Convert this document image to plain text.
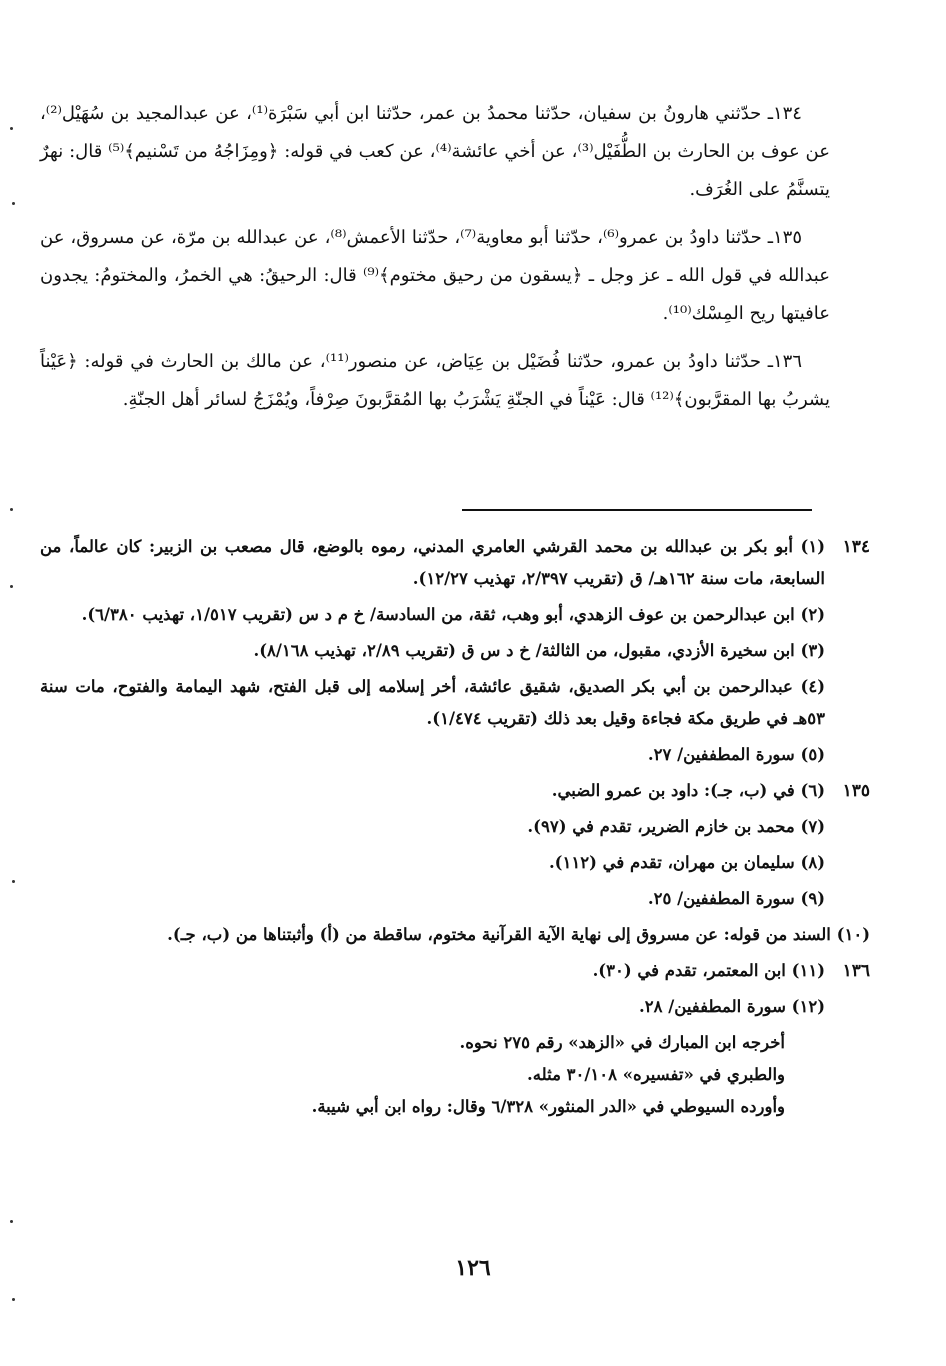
١٣٤ـ حدّثني هارونُ بن سفيان، حدّثنا محمدُ بن عمر، حدّثنا ابن أبي سَبْرَة⁽¹⁾، عن عبدالمجيد بن سُهَيْل⁽²⁾، عن عوف بن الحارث بن الطُّفَيْل⁽³⁾، عن أخي عائشة⁽⁴⁾، عن كعب في قوله: ﴿ومِزَاجُهُ من تَسْنيم﴾⁽⁵⁾ قال: نهرٌ يتسنَّمُ على الغُرَف.

١٣٥ـ حدّثنا داودُ بن عمرو⁽⁶⁾، حدّثنا أبو معاوية⁽⁷⁾، حدّثنا الأعمش⁽⁸⁾، عن عبدالله بن مرّة، عن مسروق، عن عبدالله في قول الله ـ عز وجل ـ ﴿يسقون من رحيق مختوم﴾⁽⁹⁾ قال: الرحيقُ: هي الخمرُ، والمختومُ: يجدون عافيتها ريح المِسْك⁽¹⁰⁾.

١٣٦ـ حدّثنا داودُ بن عمرو، حدّثنا فُضَيْل بن عِيَاض، عن منصور⁽¹¹⁾، عن مالك بن الحارث في قوله: ﴿عَيْناً يشربُ بها المقرَّبون﴾⁽¹²⁾ قال: عَيْناً في الجنّةِ يَشْرَبُ بها المُقرَّبونَ صِرْفاً، ويُمْزَجُ لسائر أهل الجنّةِ.

١٣٤

(١) أبو بكر بن عبدالله بن محمد القرشي العامري المدني، رموه بالوضع، قال مصعب بن الزبير: كان عالماً، من السابعة، مات سنة ١٦٢هـ/ ق (تقريب ٢/٣٩٧، تهذيب ١٢/٢٧).

(٢) ابن عبدالرحمن بن عوف الزهدي، أبو وهب، ثقة، من السادسة/ خ م د س (تقريب ١/٥١٧، تهذيب ٦/٣٨٠).

(٣) ابن سخيرة الأزدي، مقبول، من الثالثة/ خ د س ق (تقريب ٢/٨٩، تهذيب ٨/١٦٨).

(٤) عبدالرحمن بن أبي بكر الصديق، شقيق عائشة، أخر إسلامه إلى قبل الفتح، شهد اليمامة والفتوح، مات سنة ٥٣هـ في طريق مكة فجاءة وقيل بعد ذلك (تقريب ١/٤٧٤).

(٥) سورة المطففين/ ٢٧.

١٣٥

(٦) في (ب، جـ): داود بن عمرو الضبي.

(٧) محمد بن خازم الضرير، تقدم في (٩٧).

(٨) سليمان بن مهران، تقدم في (١١٢).

(٩) سورة المطففين/ ٢٥.

(١٠) السند من قوله: عن مسروق إلى نهاية الآية القرآنية مختوم، ساقطة من (أ) وأثبتناها من (ب، جـ).

١٣٦

(١١) ابن المعتمر، تقدم في (٣٠).

(١٢) سورة المطففين/ ٢٨.

أخرجه ابن المبارك في «الزهد» رقم ٢٧٥ نحوه.
والطبري في «تفسيره» ٣٠/١٠٨ مثله.
وأورده السيوطي في «الدر المنثور» ٦/٣٢٨ وقال: رواه ابن أبي شيبة.
١٢٦
